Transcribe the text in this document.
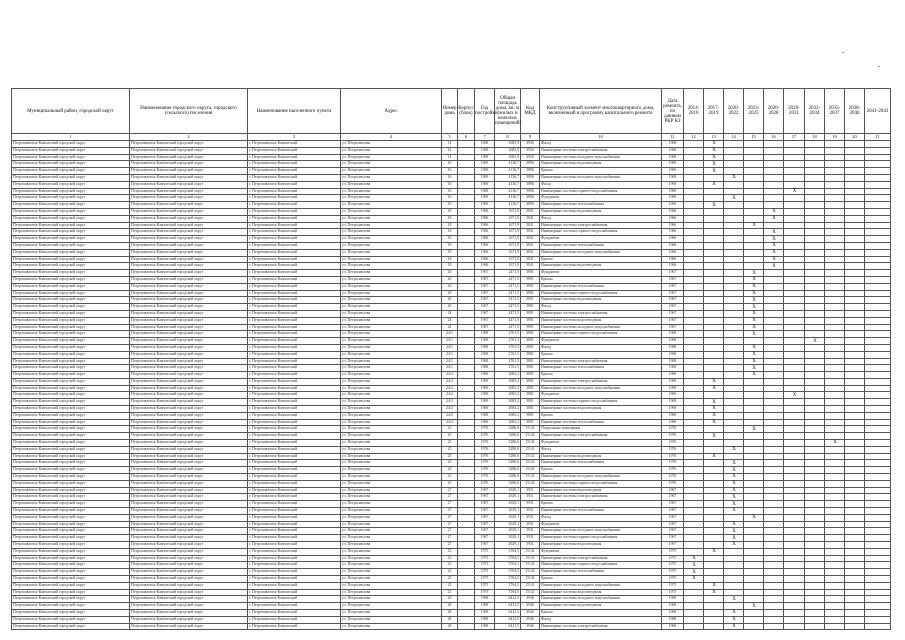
Муниципальный район, городской округ	Наименование городского округа, городского (сельского) поселения	Наименование населенного пункта	Адрес	Номер дома	Корпус (блок)	Год постройки	Общая площадь дома, кв. м (жилых и нежилых помещений)	Код МКД	Конструктивный элемент многоквартирного дома, включенный в программу капитального ремонта	Дата ремонта, по данным РКР КЗ	2014-2016	2017-2019	2020-2022	2023-2025	2026-2028	2029-2031	2032-2034	2035-2037	2038-2040	2041-2043
1	2	3	4	5	6	7	8	9	10	11	12	13	14	15	16	17	18	19	20	21
Петропавловск-Камчатский городской округ	Петропавловск-Камчатский городской округ	г. Петропавловск-Камчатский	ул. Петропавлова	14		1968	2683,9	3936	Фасад	1968		X								
Петропавловск-Камчатский городской округ	Петропавловск-Камчатский городской округ	г. Петропавловск-Камчатский	ул. Петропавлова	14		1968	2683,9	3936	Инженерные системы электроснабжения	1968		X								
Петропавловск-Камчатский городской округ	Петропавловск-Камчатский городской округ	г. Петропавловск-Камчатский	ул. Петропавлова	14		1968	2683,9	3936	Инженерные системы холодного водоснабжения	1968		X								
Петропавловск-Камчатский городской округ	Петропавловск-Камчатский городской округ	г. Петропавловск-Камчатский	ул. Петропавлова	16		1969	4136,7	3896	Инженерные системы водоотведения	1969		X								
Петропавловск-Камчатский городской округ	Петропавловск-Камчатский городской округ	г. Петропавловск-Камчатский	ул. Петропавлова	16		1969	4136,7	3896	Крыша	1969		X								
Петропавловск-Камчатский городской округ	Петропавловск-Камчатский городской округ	г. Петропавловск-Камчатский	ул. Петропавлова	16		1969	4136,7	3896	Инженерные системы холодного водоснабжения	1969			X							
Петропавловск-Камчатский городской округ	Петропавловск-Камчатский городской округ	г. Петропавловск-Камчатский	ул. Петропавлова	16		1969	4136,7	3896	Фасад	1969		X								
Петропавловск-Камчатский городской округ	Петропавловск-Камчатский городской округ	г. Петропавловск-Камчатский	ул. Петропавлова	16		1969	4136,7	3896	Инженерные системы горячего водоснабжения	1969						X				
Петропавловск-Камчатский городской округ	Петропавловск-Камчатский городской округ	г. Петропавловск-Камчатский	ул. Петропавлова	16		1969	4136,7	3896	Фундамент	1969			X							
Петропавловск-Камчатский городской округ	Петропавловск-Камчатский городской округ	г. Петропавловск-Камчатский	ул. Петропавлова	16		1969	4136,7	3896	Инженерные системы теплоснабжения	1969		X								
Петропавловск-Камчатский городской округ	Петропавловск-Камчатский городской округ	г. Петропавловск-Камчатский	ул. Петропавлова	18		1966	1671,9	3841	Инженерные системы водоотведения	1966					X					
Петропавловск-Камчатский городской округ	Петропавловск-Камчатский городской округ	г. Петропавловск-Камчатский	ул. Петропавлова	18		1966	1671,9	3841	Фасад	1966					X					
Петропавловск-Камчатский городской округ	Петропавловск-Камчатский городской округ	г. Петропавловск-Камчатский	ул. Петропавлова	18		1966	1671,9	3841	Инженерные системы электроснабжения	1966				X						
Петропавловск-Камчатский городской округ	Петропавловск-Камчатский городской округ	г. Петропавловск-Камчатский	ул. Петропавлова	18		1966	1671,9	3841	Инженерные системы горячего водоснабжения	1966					X					
Петропавловск-Камчатский городской округ	Петропавловск-Камчатский городской округ	г. Петропавловск-Камчатский	ул. Петропавлова	18		1966	1671,9	3841	Фундамент	1966					X					
Петропавловск-Камчатский городской округ	Петропавловск-Камчатский городской округ	г. Петропавловск-Камчатский	ул. Петропавлова	18		1966	1671,9	3841	Инженерные системы теплоснабжения	1966					X					
Петропавловск-Камчатский городской округ	Петропавловск-Камчатский городской округ	г. Петропавловск-Камчатский	ул. Петропавлова	18		1966	1671,9	3841	Инженерные системы холодного водоснабжения	1966					X					
Петропавловск-Камчатский городской округ	Петропавловск-Камчатский городской округ	г. Петропавловск-Камчатский	ул. Петропавлова	18		1966	1671,9	3841	Крыша	1966					X					
Петропавловск-Камчатский городской округ	Петропавловск-Камчатский городской округ	г. Петропавловск-Камчатский	ул. Петропавлова	18		1966	1671,9	3841	Инженерные системы водоотведения	1966					X					
Петропавловск-Камчатский городской округ	Петропавловск-Камчатский городской округ	г. Петропавловск-Камчатский	ул. Петропавлова	20		1967	2471,5	3891	Фундамент	1967				X						
Петропавловск-Камчатский городской округ	Петропавловск-Камчатский городской округ	г. Петропавловск-Камчатский	ул. Петропавлова	20		1967	2471,5	3891	Крыша	1967				X						
Петропавловск-Камчатский городской округ	Петропавловск-Камчатский городской округ	г. Петропавловск-Камчатский	ул. Петропавлова	20		1967	2471,5	3891	Инженерные системы теплоснабжения	1967				X						
Петропавловск-Камчатский городской округ	Петропавловск-Камчатский городской округ	г. Петропавловск-Камчатский	ул. Петропавлова	20		1967	2471,5	3891	Инженерные системы горячего водоснабжения	1967				X						
Петропавловск-Камчатский городской округ	Петропавловск-Камчатский городской округ	г. Петропавловск-Камчатский	ул. Петропавлова	20		1967	2471,5	3891	Инженерные системы водоотведения	1967				X						
Петропавловск-Камчатский городской округ	Петропавловск-Камчатский городской округ	г. Петропавловск-Камчатский	ул. Петропавлова	20		1967	2471,5	3891	Фасад	1967				X						
Петропавловск-Камчатский городской округ	Петропавловск-Камчатский городской округ	г. Петропавловск-Камчатский	ул. Петропавлова	24		1967	2471,5	3891	Инженерные системы электроснабжения	1967				X						
Петропавловск-Камчатский городской округ	Петропавловск-Камчатский городской округ	г. Петропавловск-Камчатский	ул. Петропавлова	24		1967	2471,5	3891	Инженерные системы водоотведения	1967				X						
Петропавловск-Камчатский городской округ	Петропавловск-Камчатский городской округ	г. Петропавловск-Камчатский	ул. Петропавлова	24		1967	2471,5	3891	Инженерные системы холодного водоснабжения	1967				X						
Петропавловск-Камчатский городской округ	Петропавловск-Камчатский городской округ	г. Петропавловск-Камчатский	ул. Петропавлова	24/1		1968	2761,5	3881	Инженерные системы горячего водоснабжения	1968				X						
Петропавловск-Камчатский городской округ	Петропавловск-Камчатский городской округ	г. Петропавловск-Камчатский	ул. Петропавлова	24/1		1968	2761,5	3881	Фундамент	1968							X			
Петропавловск-Камчатский городской округ	Петропавловск-Камчатский городской округ	г. Петропавловск-Камчатский	ул. Петропавлова	24/1		1968	2761,5	3881	Фасад	1968				X						
Петропавловск-Камчатский городской округ	Петропавловск-Камчатский городской округ	г. Петропавловск-Камчатский	ул. Петропавлова	24/1		1968	2761,5	3881	Крыша	1968				X						
Петропавловск-Камчатский городской округ	Петропавловск-Камчатский городской округ	г. Петропавловск-Камчатский	ул. Петропавлова	24/1		1968	2761,5	3881	Инженерные системы электроснабжения	1968				X						
Петропавловск-Камчатский городской округ	Петропавловск-Камчатский городской округ	г. Петропавловск-Камчатский	ул. Петропавлова	24/1		1968	2761,5	3881	Инженерные системы теплоснабжения	1968				X						
Петропавловск-Камчатский городской округ	Петропавловск-Камчатский городской округ	г. Петропавловск-Камчатский	ул. Петропавлова	24/2		1969	2683,2	3881	Крыша	1969				X						
Петропавловск-Камчатский городской округ	Петропавловск-Камчатский городской округ	г. Петропавловск-Камчатский	ул. Петропавлова	24/2		1969	2683,2	3881	Инженерные системы электроснабжения	1969		X								
Петропавловск-Камчатский городской округ	Петропавловск-Камчатский городской округ	г. Петропавловск-Камчатский	ул. Петропавлова	24/2		1969	2683,2	3881	Инженерные системы холодного водоснабжения	1969		X								
Петропавловск-Камчатский городской округ	Петропавловск-Камчатский городской округ	г. Петропавловск-Камчатский	ул. Петропавлова	24/2		1969	2683,2	3881	Фундамент	1969						X				
Петропавловск-Камчатский городской округ	Петропавловск-Камчатский городской округ	г. Петропавловск-Камчатский	ул. Петропавлова	24/2		1969	2683,2	3881	Инженерные системы горячего водоснабжения	1969		X								
Петропавловск-Камчатский городской округ	Петропавловск-Камчатский городской округ	г. Петропавловск-Камчатский	ул. Петропавлова	24/2		1969	2683,2	3881	Инженерные системы водоотведения	1969		X								
Петропавловск-Камчатский городской округ	Петропавловск-Камчатский городской округ	г. Петропавловск-Камчатский	ул. Петропавлова	24/2		1969	2683,2	3881	Крыша	1969		X								
Петропавловск-Камчатский городской округ	Петропавловск-Камчатский городской округ	г. Петропавловск-Камчатский	ул. Петропавлова	24/2		1969	2683,2	3881	Инженерные системы теплоснабжения	1969		X								
Петропавловск-Камчатский городской округ	Петропавловск-Камчатский городской округ	г. Петропавловск-Камчатский	ул. Петропавлова	25		1976	5286,6	15141	Подвальные помещения	1976				X						
Петропавловск-Камчатский городской округ	Петропавловск-Камчатский городской округ	г. Петропавловск-Камчатский	ул. Петропавлова	25		1976	5286,6	15141	Инженерные системы электроснабжения	1976		X								
Петропавловск-Камчатский городской округ	Петропавловск-Камчатский городской округ	г. Петропавловск-Камчатский	ул. Петропавлова	25		1976	5286,6	15141	Фундамент	1976								X		
Петропавловск-Камчатский городской округ	Петропавловск-Камчатский городской округ	г. Петропавловск-Камчатский	ул. Петропавлова	25		1976	5286,6	15141	Фасад	1976			X							
Петропавловск-Камчатский городской округ	Петропавловск-Камчатский городской округ	г. Петропавловск-Камчатский	ул. Петропавлова	25		1976	5286,6	15141	Инженерные системы водоотведения	1976		X								
Петропавловск-Камчатский городской округ	Петропавловск-Камчатский городской округ	г. Петропавловск-Камчатский	ул. Петропавлова	25		1976	5286,6	15141	Инженерные системы теплоснабжения	1976			X							
Петропавловск-Камчатский городской округ	Петропавловск-Камчатский городской округ	г. Петропавловск-Камчатский	ул. Петропавлова	25		1976	5286,6	15141	Крыша	1976			X							
Петропавловск-Камчатский городской округ	Петропавловск-Камчатский городской округ	г. Петропавловск-Камчатский	ул. Петропавлова	25		1976	5286,6	15141	Инженерные системы холодного водоснабжения	1976			X							
Петропавловск-Камчатский городской округ	Петропавловск-Камчатский городской округ	г. Петропавловск-Камчатский	ул. Петропавлова	25		1976	5286,6	15141	Инженерные системы горячего водоснабжения	1976			X							
Петропавловск-Камчатский городской округ	Петропавловск-Камчатский городской округ	г. Петропавловск-Камчатский	ул. Петропавлова	27		1967	2629,1	3931	Инженерные системы водоотведения	1967			X							
Петропавловск-Камчатский городской округ	Петропавловск-Камчатский городской округ	г. Петропавловск-Камчатский	ул. Петропавлова	27		1967	2629,1	3931	Инженерные системы электроснабжения	1967			X							
Петропавловск-Камчатский городской округ	Петропавловск-Камчатский городской округ	г. Петропавловск-Камчатский	ул. Петропавлова	27		1967	2629,1	3931	Крыша	1967			X							
Петропавловск-Камчатский городской округ	Петропавловск-Камчатский городской округ	г. Петропавловск-Камчатский	ул. Петропавлова	27		1967	2629,1	3931	Инженерные системы теплоснабжения	1967			X							
Петропавловск-Камчатский городской округ	Петропавловск-Камчатский городской округ	г. Петропавловск-Камчатский	ул. Петропавлова	27		1967	2629,1	3931	Фасад	1967				X						
Петропавловск-Камчатский городской округ	Петропавловск-Камчатский городской округ	г. Петропавловск-Камчатский	ул. Петропавлова	27		1967	2629,1	3931	Фундамент	1967			X							
Петропавловск-Камчатский городской округ	Петропавловск-Камчатский городской округ	г. Петропавловск-Камчатский	ул. Петропавлова	27		1967	2629,1	3931	Инженерные системы холодного водоснабжения	1967			X							
Петропавловск-Камчатский городской округ	Петропавловск-Камчатский городской округ	г. Петропавловск-Камчатский	ул. Петропавлова	27		1967	2629,1	3931	Инженерные системы горячего водоснабжения	1967			X							
Петропавловск-Камчатский городской округ	Петропавловск-Камчатский городской округ	г. Петропавловск-Камчатский	ул. Петропавлова	27		1967	2629,1	3931	Инженерные системы водоотведения	1967			X							
Петропавловск-Камчатский городской округ	Петропавловск-Камчатский городской округ	г. Петропавловск-Камчатский	ул. Петропавлова	23		1975	3764,5	15141	Фундамент	1975		X								
Петропавловск-Камчатский городской округ	Петропавловск-Камчатский городской округ	г. Петропавловск-Камчатский	ул. Петропавлова	23		1975	3764,5	15141	Инженерные системы электроснабжения	1975	X									
Петропавловск-Камчатский городской округ	Петропавловск-Камчатский городской округ	г. Петропавловск-Камчатский	ул. Петропавлова	23		1975	3764,5	15141	Инженерные системы горячего водоснабжения	1975	X									
Петропавловск-Камчатский городской округ	Петропавловск-Камчатский городской округ	г. Петропавловск-Камчатский	ул. Петропавлова	23		1975	3764,5	15141	Инженерные системы теплоснабжения	1975	X									
Петропавловск-Камчатский городской округ	Петропавловск-Камчатский городской округ	г. Петропавловск-Камчатский	ул. Петропавлова	23		1975	3764,5	15141	Крыша	1975	X									
Петропавловск-Камчатский городской округ	Петропавловск-Камчатский городской округ	г. Петропавловск-Камчатский	ул. Петропавлова	23		1975	3764,5	15141	Инженерные системы холодного водоснабжения	1975		X								
Петропавловск-Камчатский городской округ	Петропавловск-Камчатский городской округ	г. Петропавловск-Камчатский	ул. Петропавлова	23		1975	3764,5	15141	Инженерные системы водоотведения	1975		X								
Петропавловск-Камчатский городской округ	Петропавловск-Камчатский городской округ	г. Петропавловск-Камчатский	ул. Петропавлова	28		1968	6412,5	3946	Инженерные системы холодного водоснабжения	1968			X							
Петропавловск-Камчатский городской округ	Петропавловск-Камчатский городской округ	г. Петропавловск-Камчатский	ул. Петропавлова	28		1968	6412,5	3946	Инженерные системы водоотведения	1968				X						
Петропавловск-Камчатский городской округ	Петропавловск-Камчатский городской округ	г. Петропавловск-Камчатский	ул. Петропавлова	28		1968	6412,5	3946	Крыша	1968			X							
Петропавловск-Камчатский городской округ	Петропавловск-Камчатский городской округ	г. Петропавловск-Камчатский	ул. Петропавлова	28		1968	6412,5	3946	Фасад	1968			X							
Петропавловск-Камчатский городской округ	Петропавловск-Камчатский городской округ	г. Петропавловск-Камчатский	ул. Петропавлова	28		1968	6412,5	3946	Инженерные системы электроснабжения	1968			X							
